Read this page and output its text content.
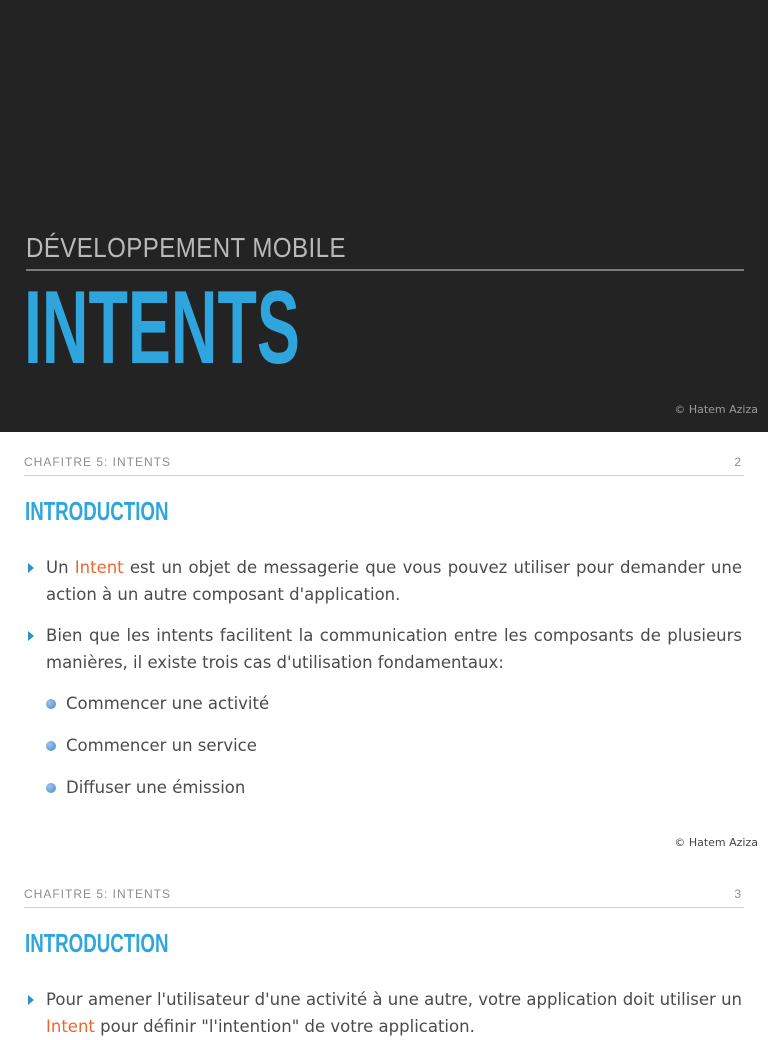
DÉVELOPPEMENT MOBILE
INTENTS
© Hatem Aziza
CHAFITRE 5: INTENTS	2
INTRODUCTION
Un Intent est un objet de messagerie que vous pouvez utiliser pour demander une action à un autre composant d'application.
Bien que les intents facilitent la communication entre les composants de plusieurs manières, il existe trois cas d'utilisation fondamentaux:
Commencer une activité
Commencer un service
Diffuser une émission
© Hatem Aziza
CHAFITRE 5: INTENTS	3
INTRODUCTION
Pour amener l'utilisateur d'une activité à une autre, votre application doit utiliser un Intent pour définir "l'intention" de votre application.
